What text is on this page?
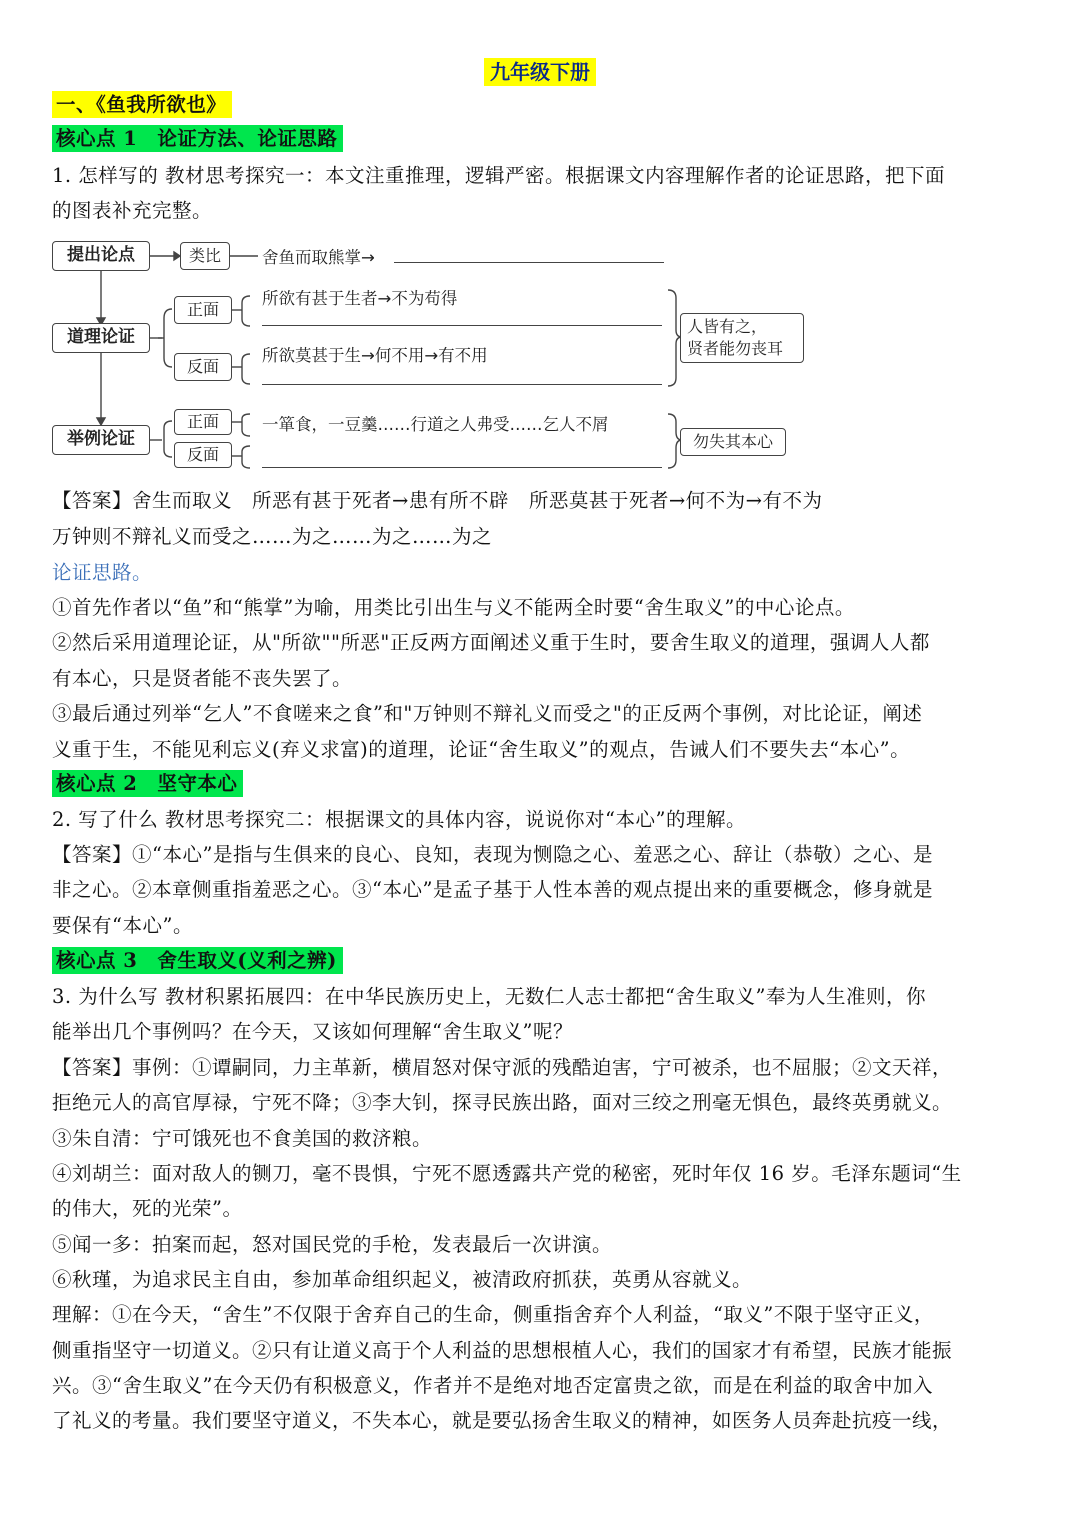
九年级下册
一、《鱼我所欲也》
核心点 1　论证方法、论证思路
1. 怎样写的 教材思考探究一：本文注重推理，逻辑严密。根据课文内容理解作者的论证思路，把下面
的图表补充完整。
提出论点	类比	舍鱼而取熊掌→
道理论证
正面
所欲有甚于生者→不为苟得
反面
所欲莫甚于生→何不用→有不用
人皆有之，
贤者能勿丧耳
举例论证
正面	一箪食，一豆羹……行道之人弗受……乞人不屑
反面
勿失其本心
【答案】舍生而取义　所恶有甚于死者→患有所不辟　所恶莫甚于死者→何不为→有不为
万钟则不辩礼义而受之……为之……为之……为之
论证思路。
①首先作者以“鱼”和“熊掌”为喻，用类比引出生与义不能两全时要“舍生取义”的中心论点。
②然后采用道理论证，从"所欲""所恶"正反两方面阐述义重于生时，要舍生取义的道理，强调人人都
有本心，只是贤者能不丧失罢了。
③最后通过列举“乞人”不食嗟来之食”和"万钟则不辩礼义而受之"的正反两个事例，对比论证，阐述
义重于生，不能见利忘义(弃义求富)的道理，论证“舍生取义”的观点，告诫人们不要失去“本心”。
核心点 2　坚守本心
2. 写了什么 教材思考探究二：根据课文的具体内容，说说你对“本心”的理解。
【答案】①“本心”是指与生俱来的良心、良知，表现为恻隐之心、羞恶之心、辞让（恭敬）之心、是
非之心。②本章侧重指羞恶之心。③“本心”是孟子基于人性本善的观点提出来的重要概念，修身就是
要保有“本心”。
核心点 3　舍生取义(义利之辨)
3. 为什么写 教材积累拓展四：在中华民族历史上，无数仁人志士都把“舍生取义”奉为人生准则，你
能举出几个事例吗？在今天，又该如何理解“舍生取义”呢？
【答案】事例：①谭嗣同，力主革新，横眉怒对保守派的残酷迫害，宁可被杀，也不屈服；②文天祥，
拒绝元人的高官厚禄，宁死不降；③李大钊，探寻民族出路，面对三绞之刑毫无惧色，最终英勇就义。
③朱自清：宁可饿死也不食美国的救济粮。
④刘胡兰：面对敌人的铡刀，毫不畏惧，宁死不愿透露共产党的秘密，死时年仅 16 岁。毛泽东题词“生
的伟大，死的光荣”。
⑤闻一多：拍案而起，怒对国民党的手枪，发表最后一次讲演。
⑥秋瑾，为追求民主自由，参加革命组织起义，被清政府抓获，英勇从容就义。
理解：①在今天，“舍生”不仅限于舍弃自己的生命，侧重指舍弃个人利益，“取义”不限于坚守正义，
侧重指坚守一切道义。②只有让道义高于个人利益的思想根植人心，我们的国家才有希望，民族才能振
兴。③“舍生取义”在今天仍有积极意义，作者并不是绝对地否定富贵之欲，而是在利益的取舍中加入
了礼义的考量。我们要坚守道义，不失本心，就是要弘扬舍生取义的精神，如医务人员奔赴抗疫一线，
